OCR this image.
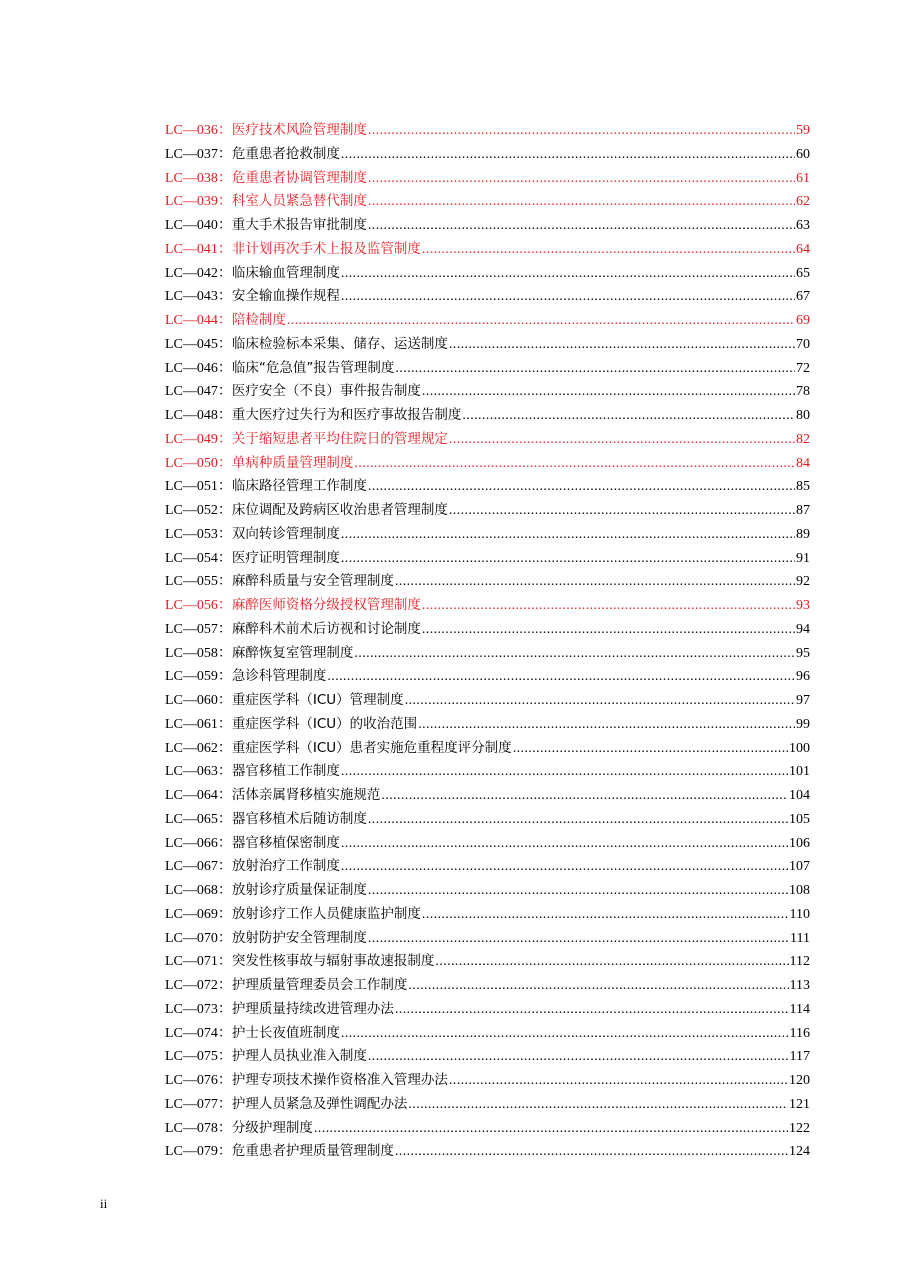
LC—036： 医疗技术风险管理制度 .....	59
LC—037： 危重患者抢救制度 .....	60
LC—038： 危重患者协调管理制度 .....	61
LC—039： 科室人员紧急替代制度 .....	62
LC—040： 重大手术报告审批制度 .....	63
LC—041： 非计划再次手术上报及监管制度 .....	64
LC—042： 临床输血管理制度 .....	65
LC—043： 安全输血操作规程 .....	67
LC—044： 陪检制度 .....	69
LC—045： 临床检验标本采集、储存、运送制度 .....	70
LC—046： 临床“危急值”报告管理制度 .....	72
LC—047： 医疗安全（不良）事件报告制度 .....	78
LC—048： 重大医疗过失行为和医疗事故报告制度 .....	80
LC—049： 关于缩短患者平均住院日的管理规定 .....	82
LC—050： 单病种质量管理制度 .....	84
LC—051： 临床路径管理工作制度 .....	85
LC—052： 床位调配及跨病区收治患者管理制度 .....	87
LC—053： 双向转诊管理制度 .....	89
LC—054： 医疗证明管理制度 .....	91
LC—055： 麻醉科质量与安全管理制度 .....	92
LC—056： 麻醉医师资格分级授权管理制度 .....	93
LC—057： 麻醉科术前术后访视和讨论制度 .....	94
LC—058： 麻醉恢复室管理制度 .....	95
LC—059： 急诊科管理制度 .....	96
LC—060： 重症医学科（ICU）管理制度 .....	97
LC—061： 重症医学科（ICU）的收治范围 .....	99
LC—062： 重症医学科（ICU）患者实施危重程度评分制度 .....	100
LC—063： 器官移植工作制度 .....	101
LC—064： 活体亲属肾移植实施规范 .....	104
LC—065： 器官移植术后随访制度 .....	105
LC—066： 器官移植保密制度 .....	106
LC—067： 放射治疗工作制度 .....	107
LC—068： 放射诊疗质量保证制度 .....	108
LC—069： 放射诊疗工作人员健康监护制度 .....	110
LC—070： 放射防护安全管理制度 .....	111
LC—071： 突发性核事故与辐射事故速报制度 .....	112
LC—072： 护理质量管理委员会工作制度 .....	113
LC—073： 护理质量持续改进管理办法 .....	114
LC—074： 护士长夜值班制度 .....	116
LC—075： 护理人员执业准入制度 .....	117
LC—076： 护理专项技术操作资格准入管理办法 .....	120
LC—077： 护理人员紧急及弹性调配办法 .....	121
LC—078： 分级护理制度 .....	122
LC—079： 危重患者护理质量管理制度 .....	124
ii
